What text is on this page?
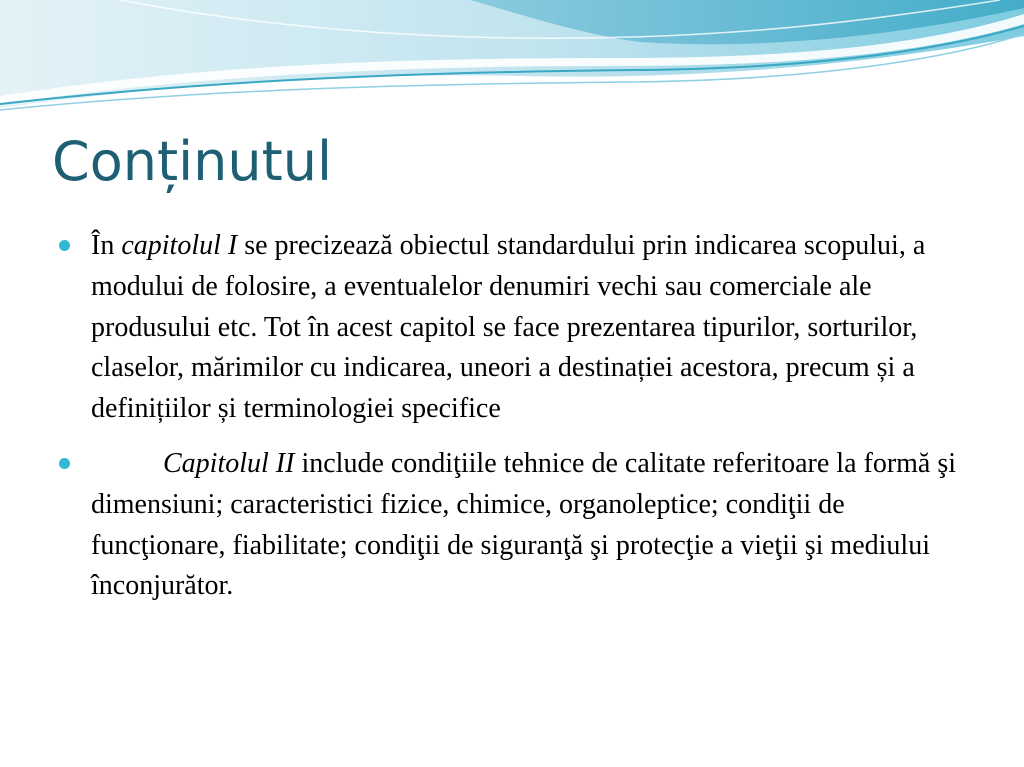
Conținutul
În capitolul I se precizează obiectul standardului prin indicarea scopului, a modului de folosire, a eventualelor denumiri vechi sau comerciale ale produsului etc. Tot în acest capitol se face prezentarea tipurilor, sorturilor, claselor, mărimilor cu indicarea, uneori a destinației acestora, precum și a definițiilor și terminologiei specifice
Capitolul II include condiţiile tehnice de calitate referitoare la formă şi dimensiuni; caracteristici fizice, chimice, organoleptice; condiţii de funcţionare, fiabilitate; condiţii de siguranţă şi protecţie a vieţii şi mediului înconjurător.
